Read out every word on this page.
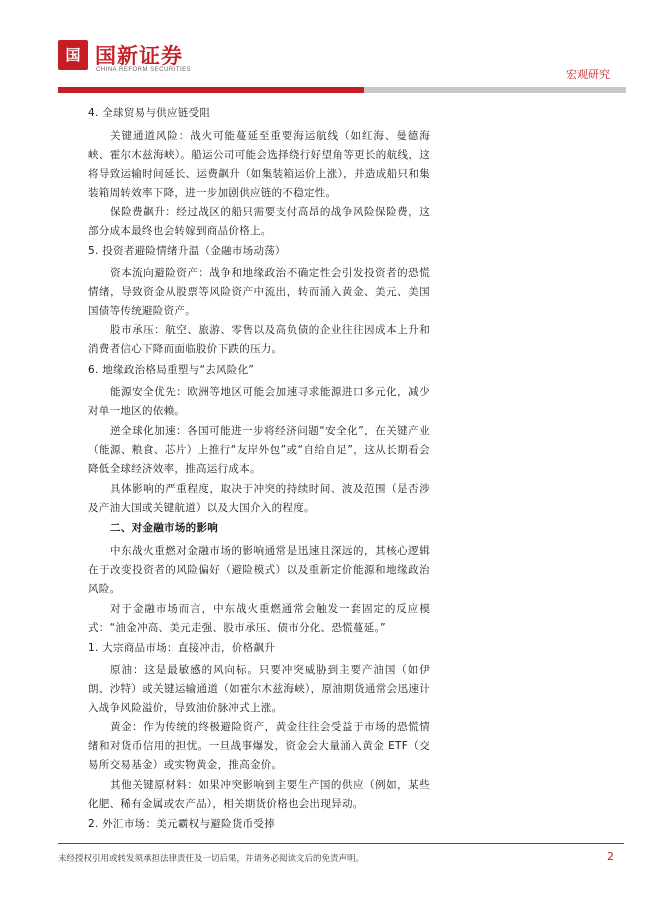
国 国新证券
CHINA REFORM SECURITIES	宏观研究
4. 全球贸易与供应链受阻
关键通道风险：战火可能蔓延至重要海运航线（如红海、曼德海峡、霍尔木兹海峡）。船运公司可能会选择绕行好望角等更长的航线，这将导致运输时间延长、运费飙升（如集装箱运价上涨），并造成船只和集装箱周转效率下降，进一步加剧供应链的不稳定性。
保险费飙升：经过战区的船只需要支付高昂的战争风险保险费，这部分成本最终也会转嫁到商品价格上。
5. 投资者避险情绪升温（金融市场动荡）
资本流向避险资产：战争和地缘政治不确定性会引发投资者的恐慌情绪，导致资金从股票等风险资产中流出，转而涌入黄金、美元、美国国债等传统避险资产。
股市承压：航空、旅游、零售以及高负债的企业往往因成本上升和消费者信心下降而面临股价下跌的压力。
6. 地缘政治格局重塑与“去风险化”
能源安全优先：欧洲等地区可能会加速寻求能源进口多元化，减少对单一地区的依赖。
逆全球化加速：各国可能进一步将经济问题“安全化”，在关键产业（能源、粮食、芯片）上推行“友岸外包”或“自给自足”，这从长期看会降低全球经济效率，推高运行成本。
具体影响的严重程度，取决于冲突的持续时间、波及范围（是否涉及产油大国或关键航道）以及大国介入的程度。
二、对金融市场的影响
中东战火重燃对金融市场的影响通常是迅速且深远的，其核心逻辑在于改变投资者的风险偏好（避险模式）以及重新定价能源和地缘政治风险。
对于金融市场而言，中东战火重燃通常会触发一套固定的反应模式：“油金冲高、美元走强、股市承压、债市分化、恐慌蔓延。”
1. 大宗商品市场：直接冲击，价格飙升
原油：这是最敏感的风向标。只要冲突威胁到主要产油国（如伊朗、沙特）或关键运输通道（如霍尔木兹海峡），原油期货通常会迅速计入战争风险溢价，导致油价脉冲式上涨。
黄金：作为传统的终极避险资产，黄金往往会受益于市场的恐慌情绪和对货币信用的担忧。一旦战事爆发，资金会大量涌入黄金 ETF（交易所交易基金）或实物黄金，推高金价。
其他关键原材料：如果冲突影响到主要生产国的供应（例如，某些化肥、稀有金属或农产品），相关期货价格也会出现异动。
2. 外汇市场：美元霸权与避险货币受捧
未经授权引用或转发须承担法律责任及一切后果，并请务必阅读文后的免责声明。	2
